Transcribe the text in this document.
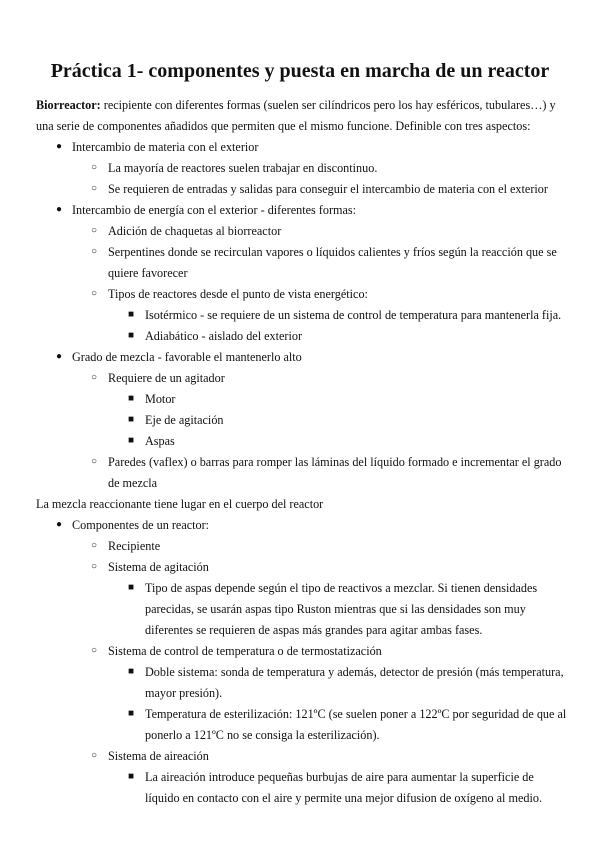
Práctica 1- componentes y puesta en marcha de un reactor
Biorreactor: recipiente con diferentes formas (suelen ser cilíndricos pero los hay esféricos, tubulares…) y
una serie de componentes añadidos que permiten que el mismo funcione. Definible con tres aspectos:
● Intercambio de materia con el exterior
○ La mayoría de reactores suelen trabajar en discontinuo.
○ Se requieren de entradas y salidas para conseguir el intercambio de materia con el exterior
● Intercambio de energía con el exterior - diferentes formas:
○ Adición de chaquetas al biorreactor
○ Serpentines donde se recirculan vapores o líquidos calientes y fríos según la reacción que se
quiere favorecer
○ Tipos de reactores desde el punto de vista energético:
■ Isotérmico - se requiere de un sistema de control de temperatura para mantenerla fija.
■ Adiabático - aislado del exterior
● Grado de mezcla - favorable el mantenerlo alto
○ Requiere de un agitador
■ Motor
■ Eje de agitación
■ Aspas
○ Paredes (vaflex) o barras para romper las láminas del líquido formado e incrementar el grado
de mezcla
La mezcla reaccionante tiene lugar en el cuerpo del reactor
● Componentes de un reactor:
○ Recipiente
○ Sistema de agitación
■ Tipo de aspas depende según el tipo de reactivos a mezclar. Si tienen densidades
parecidas, se usarán aspas tipo Ruston mientras que si las densidades son muy
diferentes se requieren de aspas más grandes para agitar ambas fases.
○ Sistema de control de temperatura o de termostatización
■ Doble sistema: sonda de temperatura y además, detector de presión (más temperatura,
mayor presión).
■ Temperatura de esterilización: 121ºC (se suelen poner a 122ºC por seguridad de que al
ponerlo a 121ºC no se consiga la esterilización).
○ Sistema de aireación
■ La aireación introduce pequeñas burbujas de aire para aumentar la superficie de
líquido en contacto con el aire y permite una mejor difusion de oxígeno al medio.
